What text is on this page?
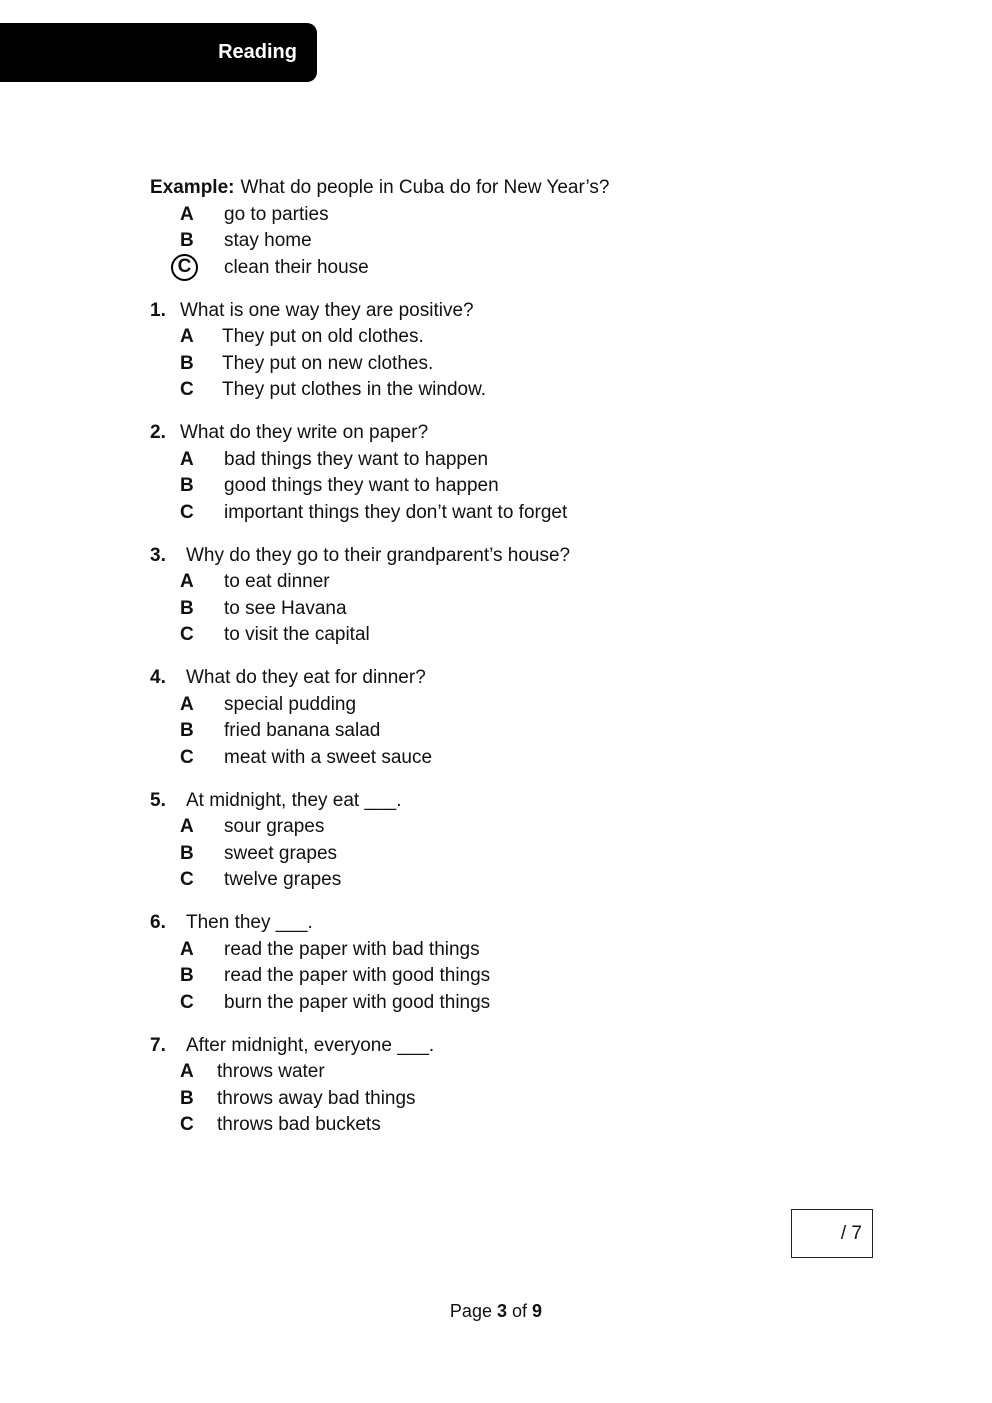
Reading
Example: What do people in Cuba do for New Year’s?
A	go to parties
B	stay home
C	clean their house
1. What is one way they are positive?
A	They put on old clothes.
B	They put on new clothes.
C	They put clothes in the window.
2. What do they write on paper?
A	bad things they want to happen
B	good things they want to happen
C	important things they don’t want to forget
3.	Why do they go to their grandparent’s house?
A	to eat dinner
B	to see Havana
C	to visit the capital
4.	What do they eat for dinner?
A	special pudding
B	fried banana salad
C	meat with a sweet sauce
5.	At midnight, they eat ___.
A	sour grapes
B	sweet grapes
C	twelve grapes
6.	Then they ___.
A	read the paper with bad things
B	read the paper with good things
C	burn the paper with good things
7.	After midnight, everyone ___.
A	throws water
B	throws away bad things
C	throws bad buckets
/ 7
Page 3 of 9
